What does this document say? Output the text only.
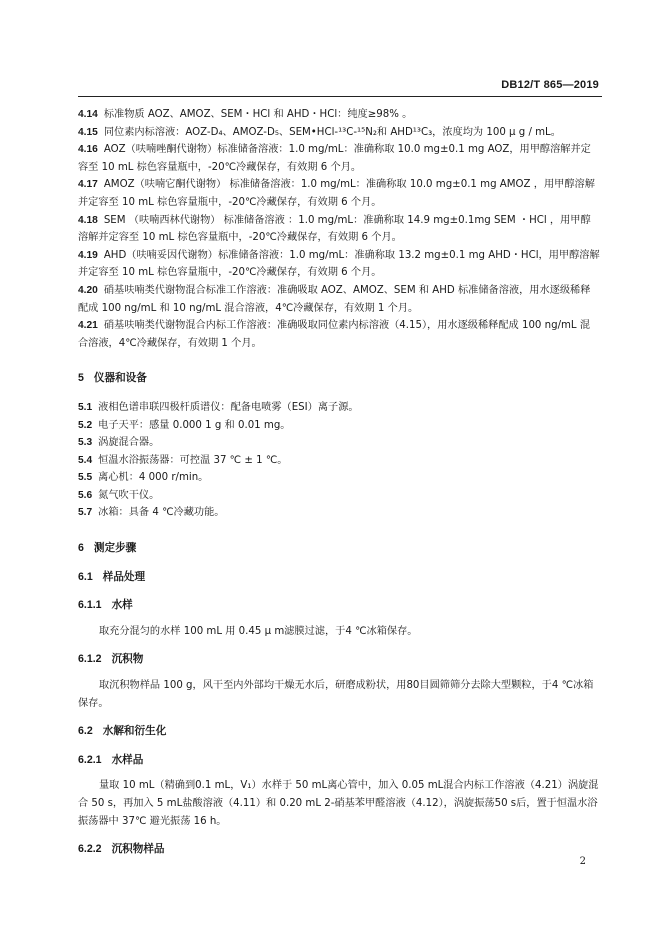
DB12/T 865—2019
4.14 标准物质 AOZ、AMOZ、SEM・HCl 和 AHD・HCl：纯度≥98% 。
4.15 同位素内标溶液：AOZ-D₄、AMOZ-D₅、SEM•HCl-¹³C-¹⁵N₂和 AHD¹³C₃，浓度均为 100 μ g / mL。
4.16 AOZ（呋喃唑酮代谢物）标准储备溶液：1.0 mg/mL：准确称取 10.0 mg±0.1 mg AOZ，用甲醇溶解并定容至 10 mL 棕色容量瓶中，-20℃冷藏保存，有效期 6 个月。
4.17 AMOZ（呋喃它酮代谢物） 标准储备溶液：1.0 mg/mL：准确称取 10.0 mg±0.1 mg AMOZ ，用甲醇溶解并定容至 10 mL 棕色容量瓶中，-20℃冷藏保存，有效期 6 个月。
4.18 SEM （呋喃西林代谢物） 标准储备溶液 ：1.0 mg/mL：准确称取 14.9 mg±0.1mg SEM ・HCl ，用甲醇溶解并定容至 10 mL 棕色容量瓶中，-20℃冷藏保存，有效期 6 个月。
4.19 AHD（呋喃妥因代谢物）标准储备溶液：1.0 mg/mL：准确称取 13.2 mg±0.1 mg AHD・HCl，用甲醇溶解并定容至 10 mL 棕色容量瓶中，-20℃冷藏保存，有效期 6 个月。
4.20 硝基呋喃类代谢物混合标准工作溶液：准确吸取 AOZ、AMOZ、SEM 和 AHD 标准储备溶液，用水逐级稀释配成 100 ng/mL 和 10 ng/mL 混合溶液，4℃冷藏保存，有效期 1 个月。
4.21 硝基呋喃类代谢物混合内标工作溶液：准确吸取同位素内标溶液（4.15），用水逐级稀释配成 100 ng/mL 混合溶液，4℃冷藏保存，有效期 1 个月。
5 仪器和设备
5.1 液相色谱串联四极杆质谱仪：配备电喷雾（ESI）离子源。
5.2 电子天平：感量 0.000 1 g 和 0.01 mg。
5.3 涡旋混合器。
5.4 恒温水浴振荡器：可控温 37 ℃ ± 1 ℃。
5.5 离心机：4 000 r/min。
5.6 氮气吹干仪。
5.7 冰箱：具备 4 ℃冷藏功能。
6 测定步骤
6.1 样品处理
6.1.1 水样

取充分混匀的水样 100 mL 用 0.45 μ m滤膜过滤，于4 ℃冰箱保存。

6.1.2 沉积物

取沉积物样品 100 g，风干至内外部均干燥无水后，研磨成粉状，用80目圆筛筛分去除大型颗粒，于4 ℃冰箱保存。

6.2 水解和衍生化
6.2.1 水样品

量取 10 mL（精确到0.1 mL，V₁）水样于 50 mL离心管中，加入 0.05 mL混合内标工作溶液（4.21）涡旋混合 50 s，再加入 5 mL盐酸溶液（4.11）和 0.20 mL 2-硝基苯甲醛溶液（4.12），涡旋振荡50 s后，置于恒温水浴振荡器中 37℃ 避光振荡 16 h。

6.2.2 沉积物样品
2
